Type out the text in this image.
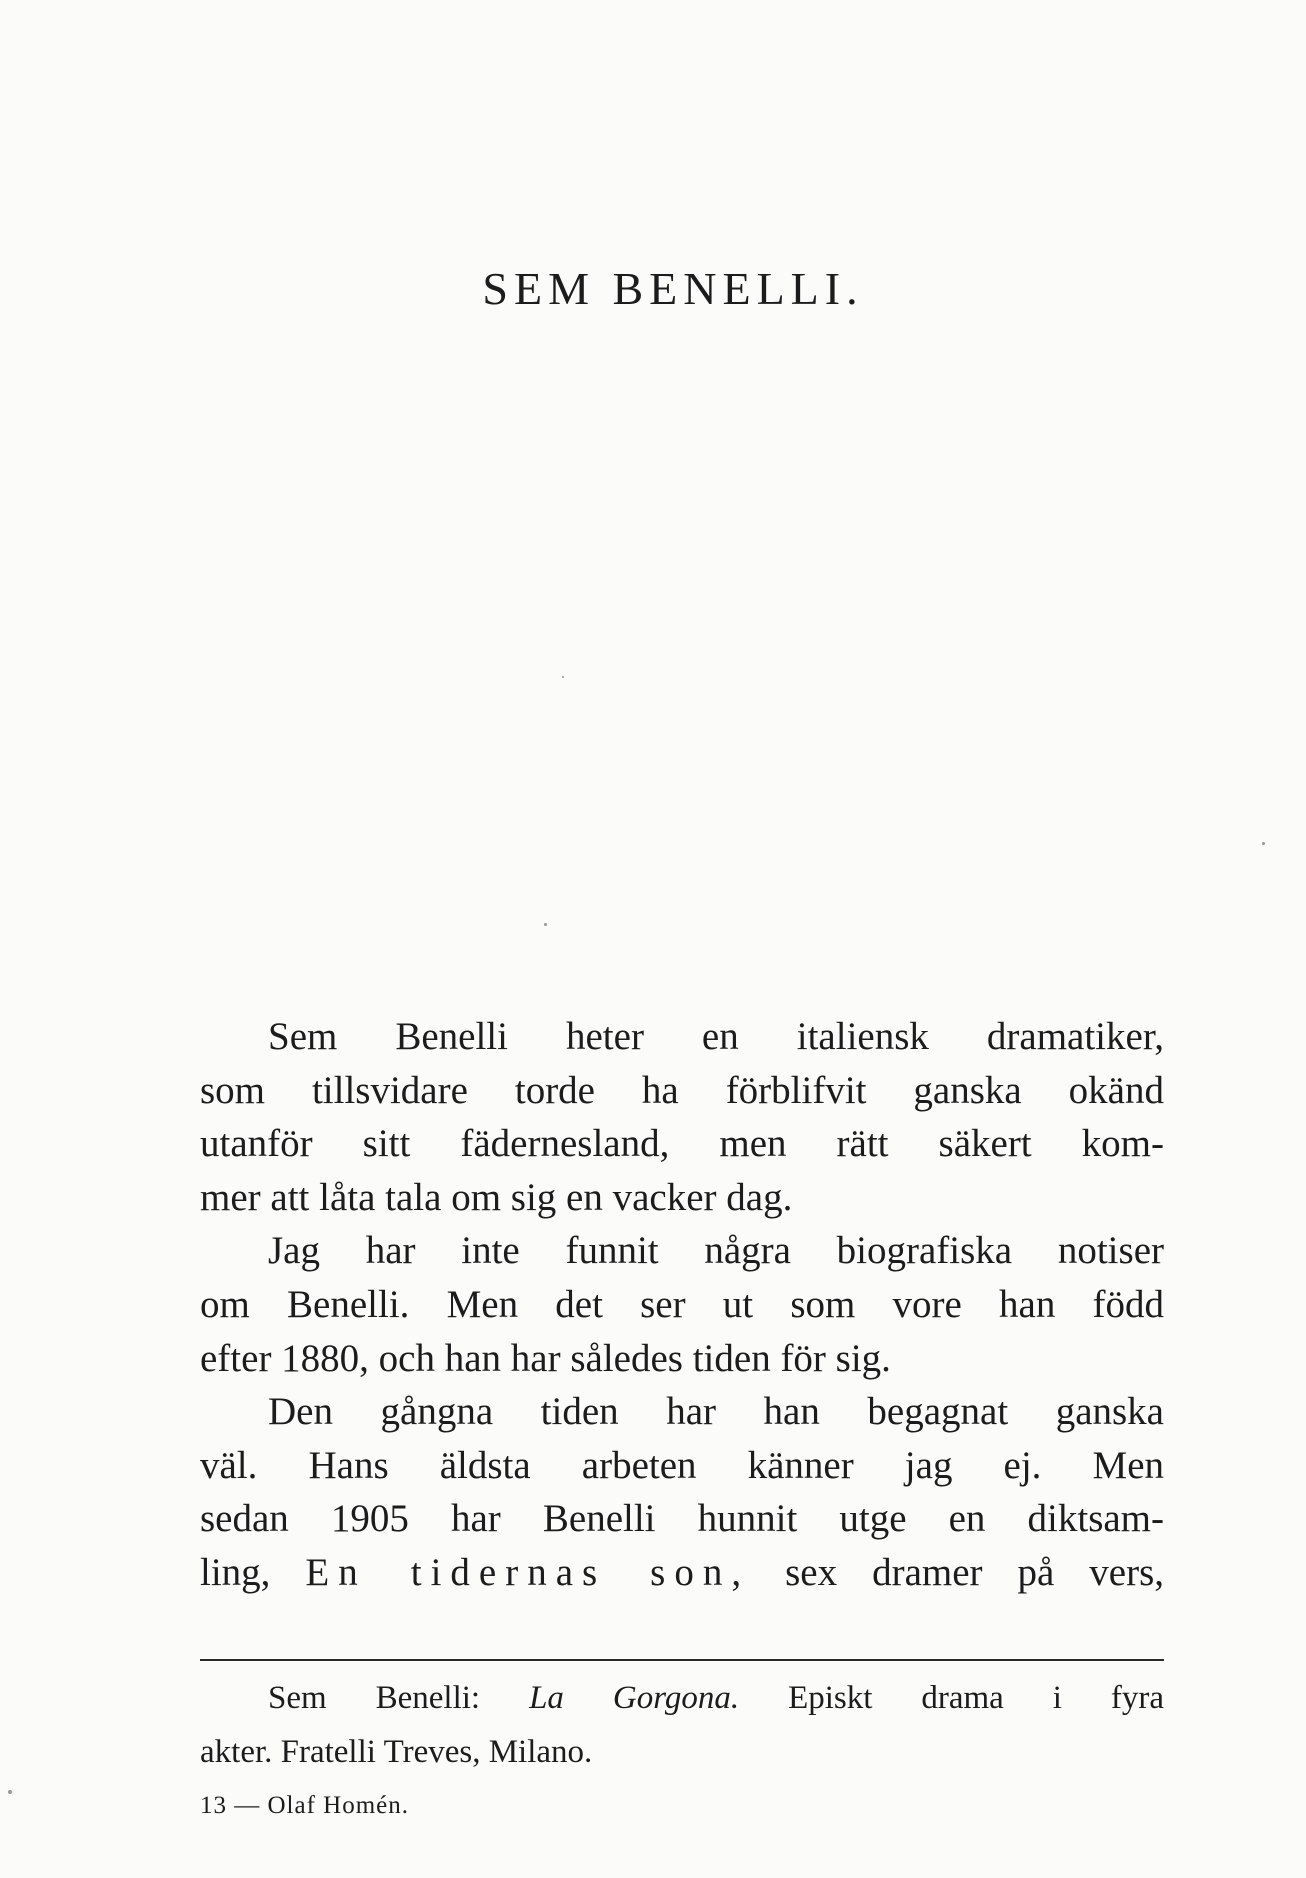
SEM BENELLI.
Sem Benelli heter en italiensk dramatiker,
som tillsvidare torde ha förblifvit ganska okänd
utanför sitt fädernesland, men rätt säkert kom-
mer att låta tala om sig en vacker dag.
Jag har inte funnit några biografiska notiser
om Benelli. Men det ser ut som vore han född
efter 1880, och han har således tiden för sig.
Den gångna tiden har han begagnat ganska
väl. Hans äldsta arbeten känner jag ej. Men
sedan 1905 har Benelli hunnit utge en diktsam-
ling, En tidernas son, sex dramer på vers,
Sem Benelli: La Gorgona. Episkt drama i fyra
akter. Fratelli Treves, Milano.
13 — Olaf Homén.
